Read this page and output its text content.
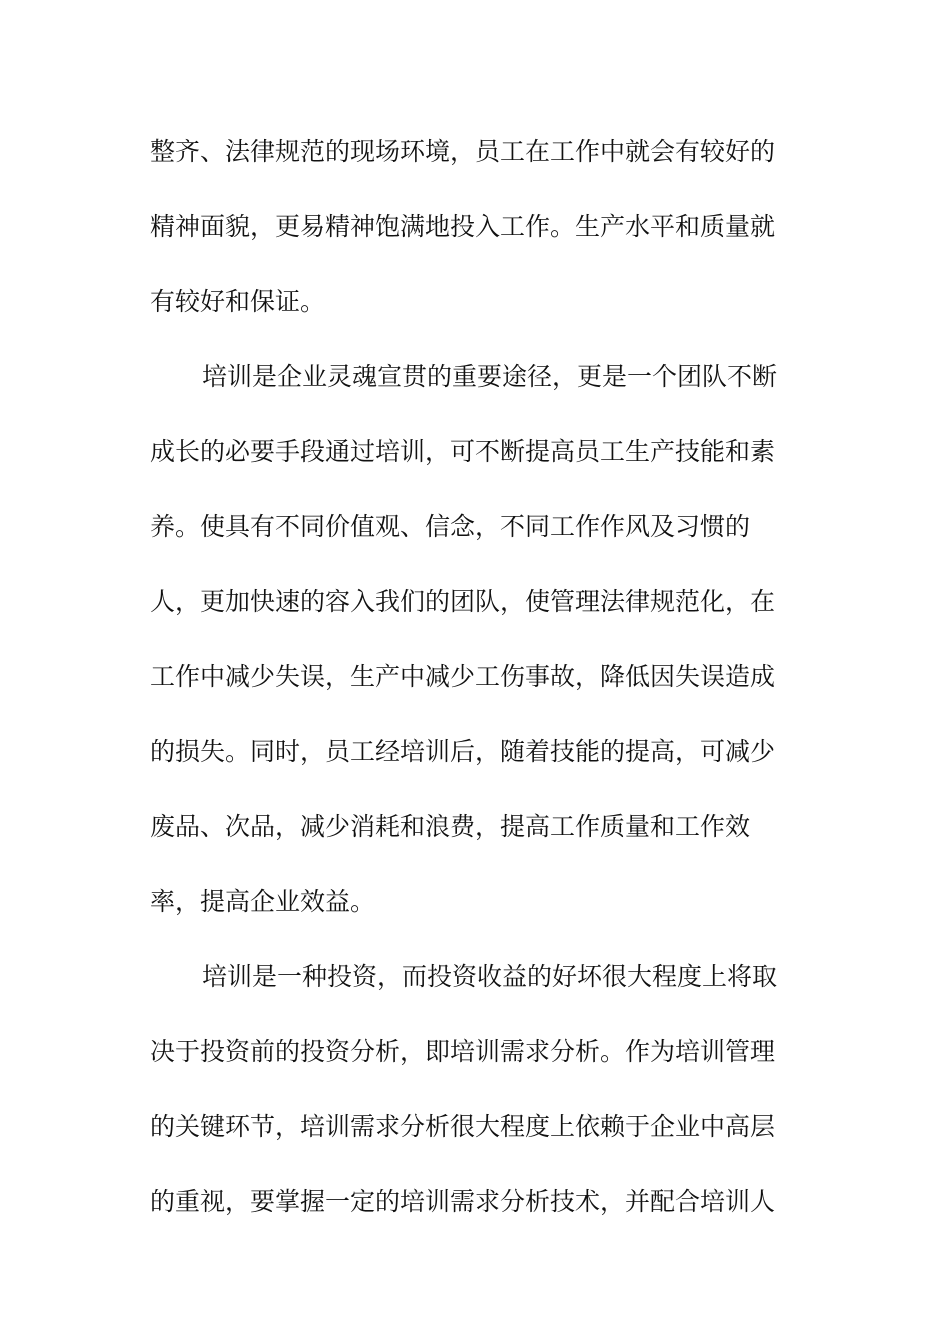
整齐、法律规范的现场环境，员工在工作中就会有较好的
精神面貌，更易精神饱满地投入工作。生产水平和质量就
有较好和保证。
培训是企业灵魂宣贯的重要途径，更是一个团队不断
成长的必要手段通过培训，可不断提高员工生产技能和素
养。使具有不同价值观、信念，不同工作作风及习惯的
人，更加快速的容入我们的团队，使管理法律规范化，在
工作中减少失误，生产中减少工伤事故，降低因失误造成
的损失。同时，员工经培训后，随着技能的提高，可减少
废品、次品，减少消耗和浪费，提高工作质量和工作效
率，提高企业效益。
培训是一种投资，而投资收益的好坏很大程度上将取
决于投资前的投资分析，即培训需求分析。作为培训管理
的关键环节，培训需求分析很大程度上依赖于企业中高层
的重视，要掌握一定的培训需求分析技术，并配合培训人
